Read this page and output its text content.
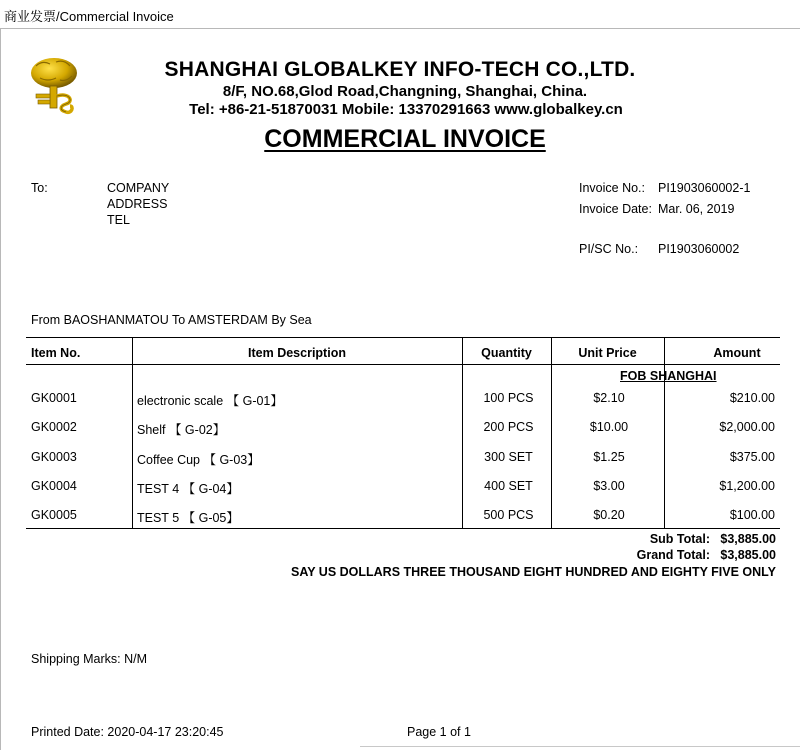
商业发票/Commercial Invoice
SHANGHAI GLOBALKEY INFO-TECH CO.,LTD.
8/F, NO.68,Glod Road,Changning, Shanghai, China.
Tel: +86-21-51870031 Mobile: 13370291663 www.globalkey.cn
COMMERCIAL INVOICE
To:	COMPANY
ADDRESS
TEL
Invoice No.: PI1903060002-1
Invoice Date: Mar. 06, 2019
PI/SC No.: PI1903060002
From BAOSHANMATOU To AMSTERDAM By Sea
Item No.	Item Description	Quantity	Unit Price	Amount
FOB SHANGHAI
GK0001	electronic scale 【 G-01】	100 PCS	$2.10	$210.00
GK0002	Shelf 【 G-02】	200 PCS	$10.00	$2,000.00
GK0003	Coffee Cup 【 G-03】	300 SET	$1.25	$375.00
GK0004	TEST 4 【 G-04】	400 SET	$3.00	$1,200.00
GK0005	TEST 5 【 G-05】	500 PCS	$0.20	$100.00
Sub Total: $3,885.00
Grand Total: $3,885.00
SAY US DOLLARS THREE THOUSAND EIGHT HUNDRED AND EIGHTY FIVE ONLY
Shipping Marks: N/M
Printed Date: 2020-04-17 23:20:45	Page 1 of 1
